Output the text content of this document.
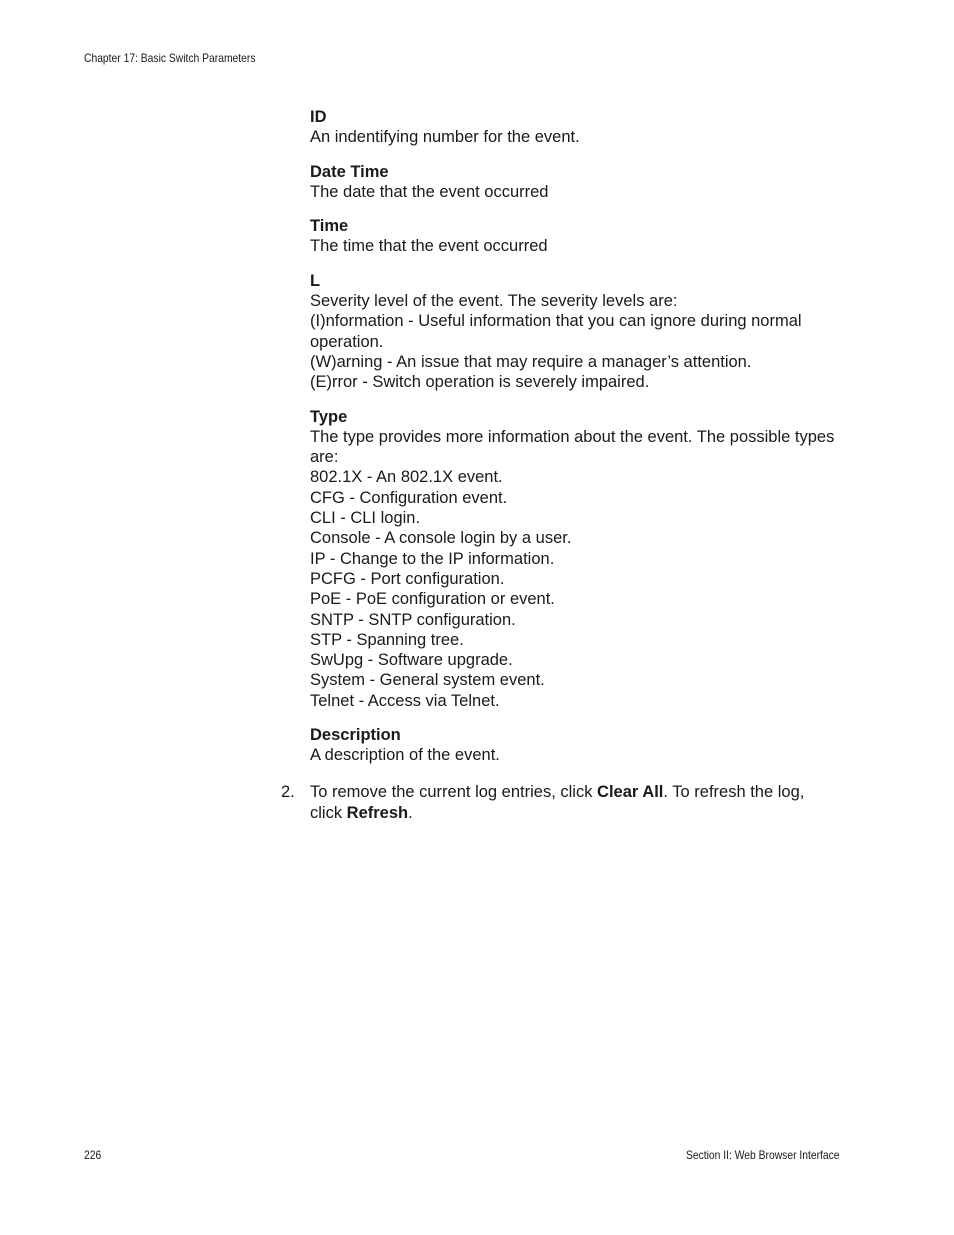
Chapter 17: Basic Switch Parameters
ID
An indentifying number for the event.
Date Time
The date that the event occurred
Time
The time that the event occurred
L
Severity level of the event. The severity levels are:
(I)nformation - Useful information that you can ignore during normal operation.
(W)arning - An issue that may require a manager’s attention.
(E)rror - Switch operation is severely impaired.
Type
The type provides more information about the event. The possible types are:
802.1X - An 802.1X event.
CFG - Configuration event.
CLI - CLI login.
Console - A console login by a user.
IP - Change to the IP information.
PCFG - Port configuration.
PoE - PoE configuration or event.
SNTP - SNTP configuration.
STP - Spanning tree.
SwUpg - Software upgrade.
System - General system event.
Telnet - Access via Telnet.
Description
A description of the event.
2. To remove the current log entries, click Clear All. To refresh the log, click Refresh.
226	Section II: Web Browser Interface
